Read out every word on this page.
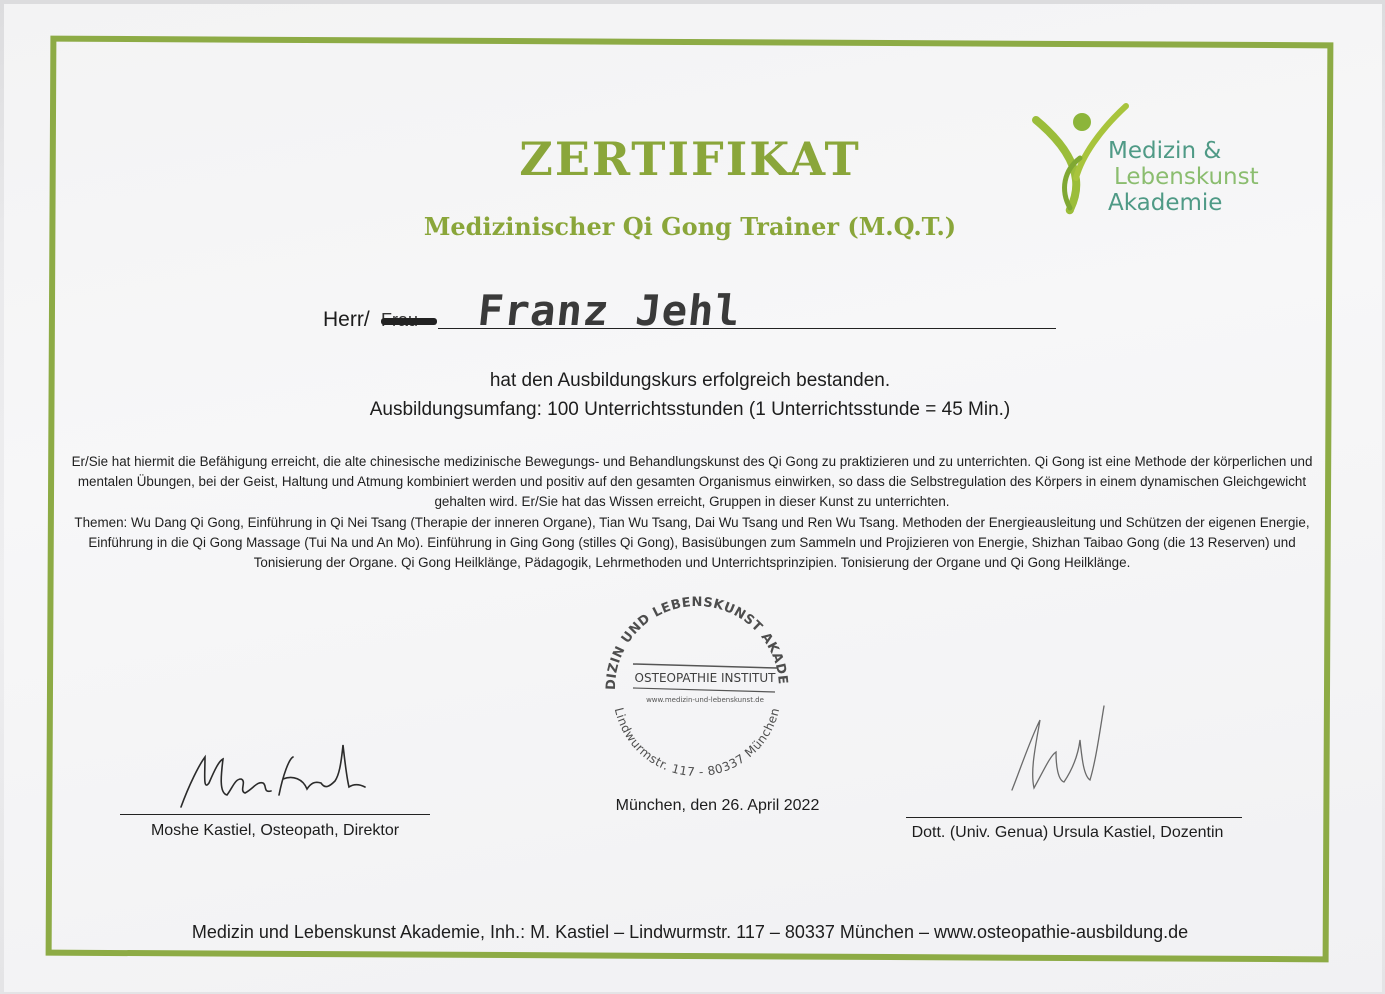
ZERTIFIKAT
Medizinischer Qi Gong Trainer (M.Q.T.)
Medizin &
Lebenskunst
Akademie
Herr/	Franz Jehl
hat den Ausbildungskurs erfolgreich bestanden.
Ausbildungsumfang: 100 Unterrichtsstunden (1 Unterrichtsstunde = 45 Min.)

Er/Sie hat hiermit die Befähigung erreicht, die alte chinesische medizinische Bewegungs- und Behandlungskunst des Qi Gong zu praktizieren und zu unterrichten. Qi Gong ist eine Methode der körperlichen und mentalen Übungen, bei der Geist, Haltung und Atmung kombiniert werden und positiv auf den gesamten Organismus einwirken, so dass die Selbstregulation des Körpers in einem dynamischen Gleichgewicht gehalten wird. Er/Sie hat das Wissen erreicht, Gruppen in dieser Kunst zu unterrichten.

Themen: Wu Dang Qi Gong, Einführung in Qi Nei Tsang (Therapie der inneren Organe), Tian Wu Tsang, Dai Wu Tsang und Ren Wu Tsang. Methoden der Energieausleitung und Schützen der eigenen Energie, Einführung in die Qi Gong Massage (Tui Na und An Mo). Einführung in Ging Gong (stilles Qi Gong), Basisübungen zum Sammeln und Projizieren von Energie, Shizhan Taibao Gong (die 13 Reserven) und Tonisierung der Organe. Qi Gong Heilklänge, Pädagogik, Lehrmethoden und Unterrichtsprinzipien. Tonisierung der Organe und Qi Gong Heilklänge.

DIZIN UND LEBENSKUNST AKADE
Lindwurmstr. 117 - 80337 München
OSTEOPATHIE INSTITUT
www.medizin-und-lebenskunst.de
Moshe Kastiel, Osteopath, Direktor
München, den 26. April 2022
Dott. (Univ. Genua) Ursula Kastiel, Dozentin
Medizin und Lebenskunst Akademie, Inh.: M. Kastiel – Lindwurmstr. 117 – 80337 München – www.osteopathie-ausbildung.de
